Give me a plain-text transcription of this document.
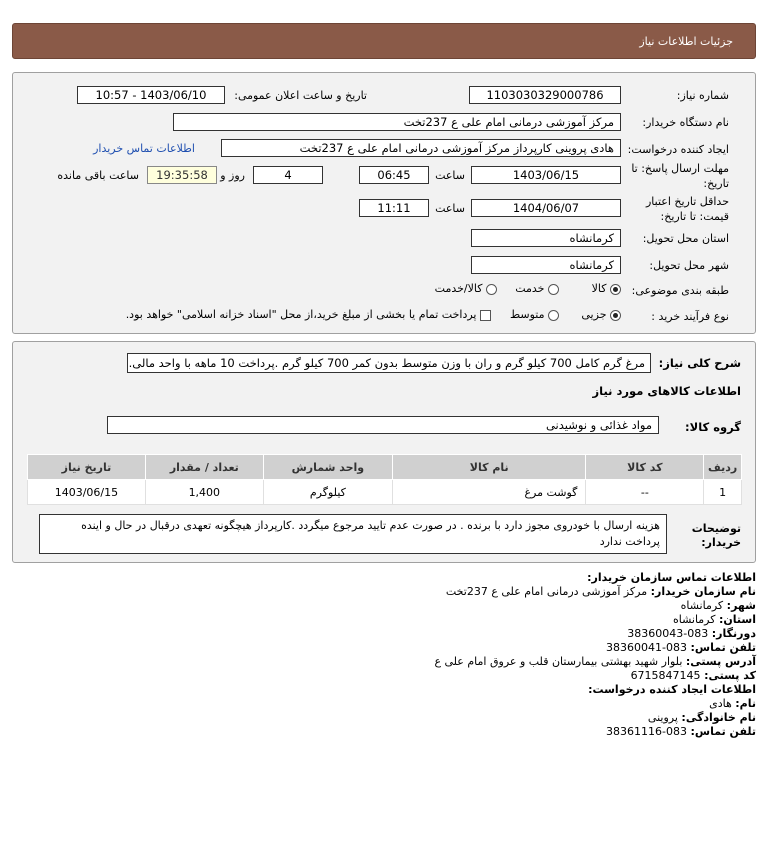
جزئیات اطلاعات نیاز
شماره نیاز:
1103030329000786
تاریخ و ساعت اعلان عمومی:
1403/06/10 - 10:57
نام دستگاه خریدار:
مرکز آموزشی درمانی امام علی ع 237تخت
ایجاد کننده درخواست:
هادی پروینی کارپرداز مرکز آموزشی درمانی امام علی ع 237تخت
اطلاعات تماس خریدار
مهلت ارسال پاسخ: تا
تاریخ:
1403/06/15
ساعت
06:45
4
روز و
19:35:58
ساعت باقی مانده
حداقل تاریخ اعتبار
قیمت: تا تاریخ:
1404/06/07
ساعت
11:11
استان محل تحویل:
کرمانشاه
شهر محل تحویل:
کرمانشاه
طبقه بندی موضوعی:
کالا
خدمت
کالا/خدمت
نوع فرآیند خرید :
جزیی
متوسط
پرداخت تمام یا بخشی از مبلغ خرید،از محل "اسناد خزانه اسلامی" خواهد بود.
شرح کلی نیاز:
مرغ گرم کامل 700 کیلو گرم و ران با وزن متوسط بدون کمر 700 کیلو گرم .پرداخت 10 ماهه با واحد مالی.
اطلاعات کالاهای مورد نیاز
گروه کالا:
مواد غذائی و نوشیدنی
توضیحات
خریدار:
هزینه ارسال با خودروی مجوز دارد با برنده . در صورت عدم تایید مرجوع میگردد .کارپرداز هیچگونه تعهدی درقبال در حال و اینده
پرداخت ندارد
ردیف	کد کالا	نام کالا	واحد شمارش	تعداد / مقدار	تاریخ نیاز
1	--	گوشت مرغ	کیلوگرم	1,400	1403/06/15
اطلاعات تماس سازمان خریدار:
نام سازمان خریدار: مرکز آموزشی درمانی امام علی ع 237تخت
شهر: کرمانشاه
استان: کرمانشاه
دورنگار: 083-38360043
تلفن تماس: 083-38360041
آدرس پستی: بلوار شهید بهشتی بیمارستان قلب و عروق امام علی ع
کد پستی: 6715847145
اطلاعات ایجاد کننده درخواست:
نام: هادی
نام خانوادگی: پروینی
تلفن تماس: 083-38361116
